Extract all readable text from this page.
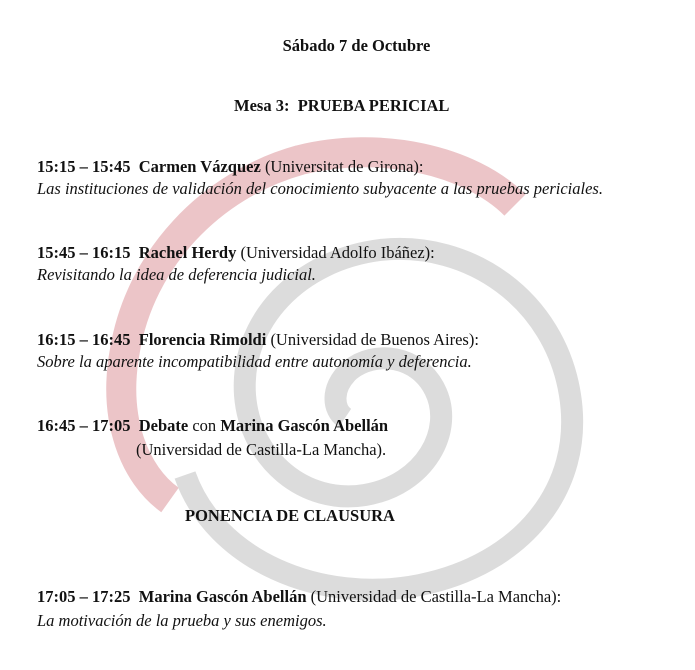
Sábado 7 de Octubre
Mesa 3: PRUEBA PERICIAL
15:15 – 15:45 Carmen Vázquez (Universitat de Girona):
Las instituciones de validación del conocimiento subyacente a las pruebas periciales.
15:45 – 16:15 Rachel Herdy (Universidad Adolfo Ibáñez):
Revisitando la idea de deferencia judicial.
16:15 – 16:45 Florencia Rimoldi (Universidad de Buenos Aires):
Sobre la aparente incompatibilidad entre autonomía y deferencia.
16:45 – 17:05 Debate con Marina Gascón Abellán
(Universidad de Castilla-La Mancha).
PONENCIA DE CLAUSURA
17:05 – 17:25 Marina Gascón Abellán (Universidad de Castilla-La Mancha):
La motivación de la prueba y sus enemigos.
